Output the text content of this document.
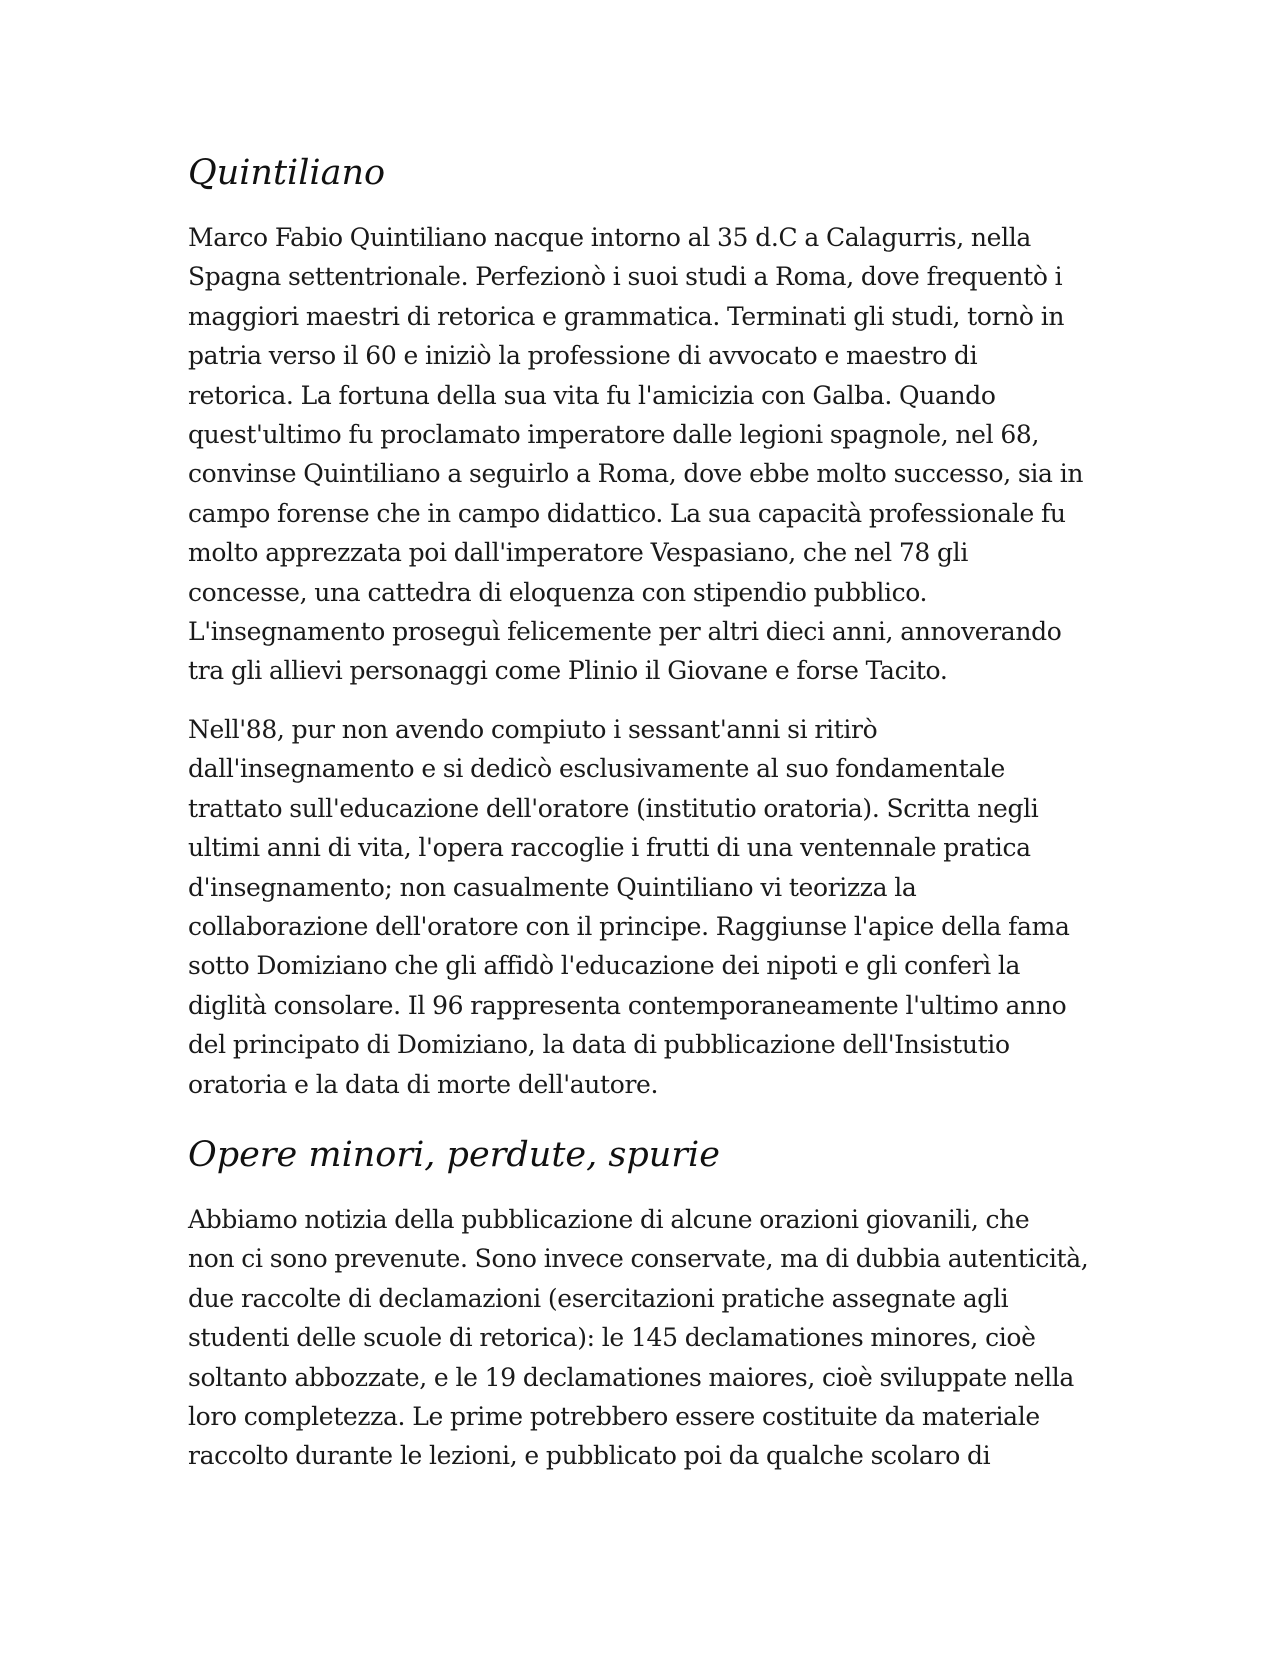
Quintiliano

Marco Fabio Quintiliano nacque intorno al 35 d.C a Calagurris, nella
Spagna settentrionale. Perfezionò i suoi studi a Roma, dove frequentò i
maggiori maestri di retorica e grammatica. Terminati gli studi, tornò in
patria verso il 60 e iniziò la professione di avvocato e maestro di
retorica. La fortuna della sua vita fu l'amicizia con Galba. Quando
quest'ultimo fu proclamato imperatore dalle legioni spagnole, nel 68,
convinse Quintiliano a seguirlo a Roma, dove ebbe molto successo, sia in
campo forense che in campo didattico. La sua capacità professionale fu
molto apprezzata poi dall'imperatore Vespasiano, che nel 78 gli
concesse, una cattedra di eloquenza con stipendio pubblico.
L'insegnamento proseguì felicemente per altri dieci anni, annoverando
tra gli allievi personaggi come Plinio il Giovane e forse Tacito.

Nell'88, pur non avendo compiuto i sessant'anni si ritirò
dall'insegnamento e si dedicò esclusivamente al suo fondamentale
trattato sull'educazione dell'oratore (institutio oratoria). Scritta negli
ultimi anni di vita, l'opera raccoglie i frutti di una ventennale pratica
d'insegnamento; non casualmente Quintiliano vi teorizza la
collaborazione dell'oratore con il principe. Raggiunse l'apice della fama
sotto Domiziano che gli affidò l'educazione dei nipoti e gli conferì la
diglità consolare. Il 96 rappresenta contemporaneamente l'ultimo anno
del principato di Domiziano, la data di pubblicazione dell'Insistutio
oratoria e la data di morte dell'autore.

Opere minori, perdute, spurie

Abbiamo notizia della pubblicazione di alcune orazioni giovanili, che
non ci sono prevenute. Sono invece conservate, ma di dubbia autenticità,
due raccolte di declamazioni (esercitazioni pratiche assegnate agli
studenti delle scuole di retorica): le 145 declamationes minores, cioè
soltanto abbozzate, e le 19 declamationes maiores, cioè sviluppate nella
loro completezza. Le prime potrebbero essere costituite da materiale
raccolto durante le lezioni, e pubblicato poi da qualche scolaro di
